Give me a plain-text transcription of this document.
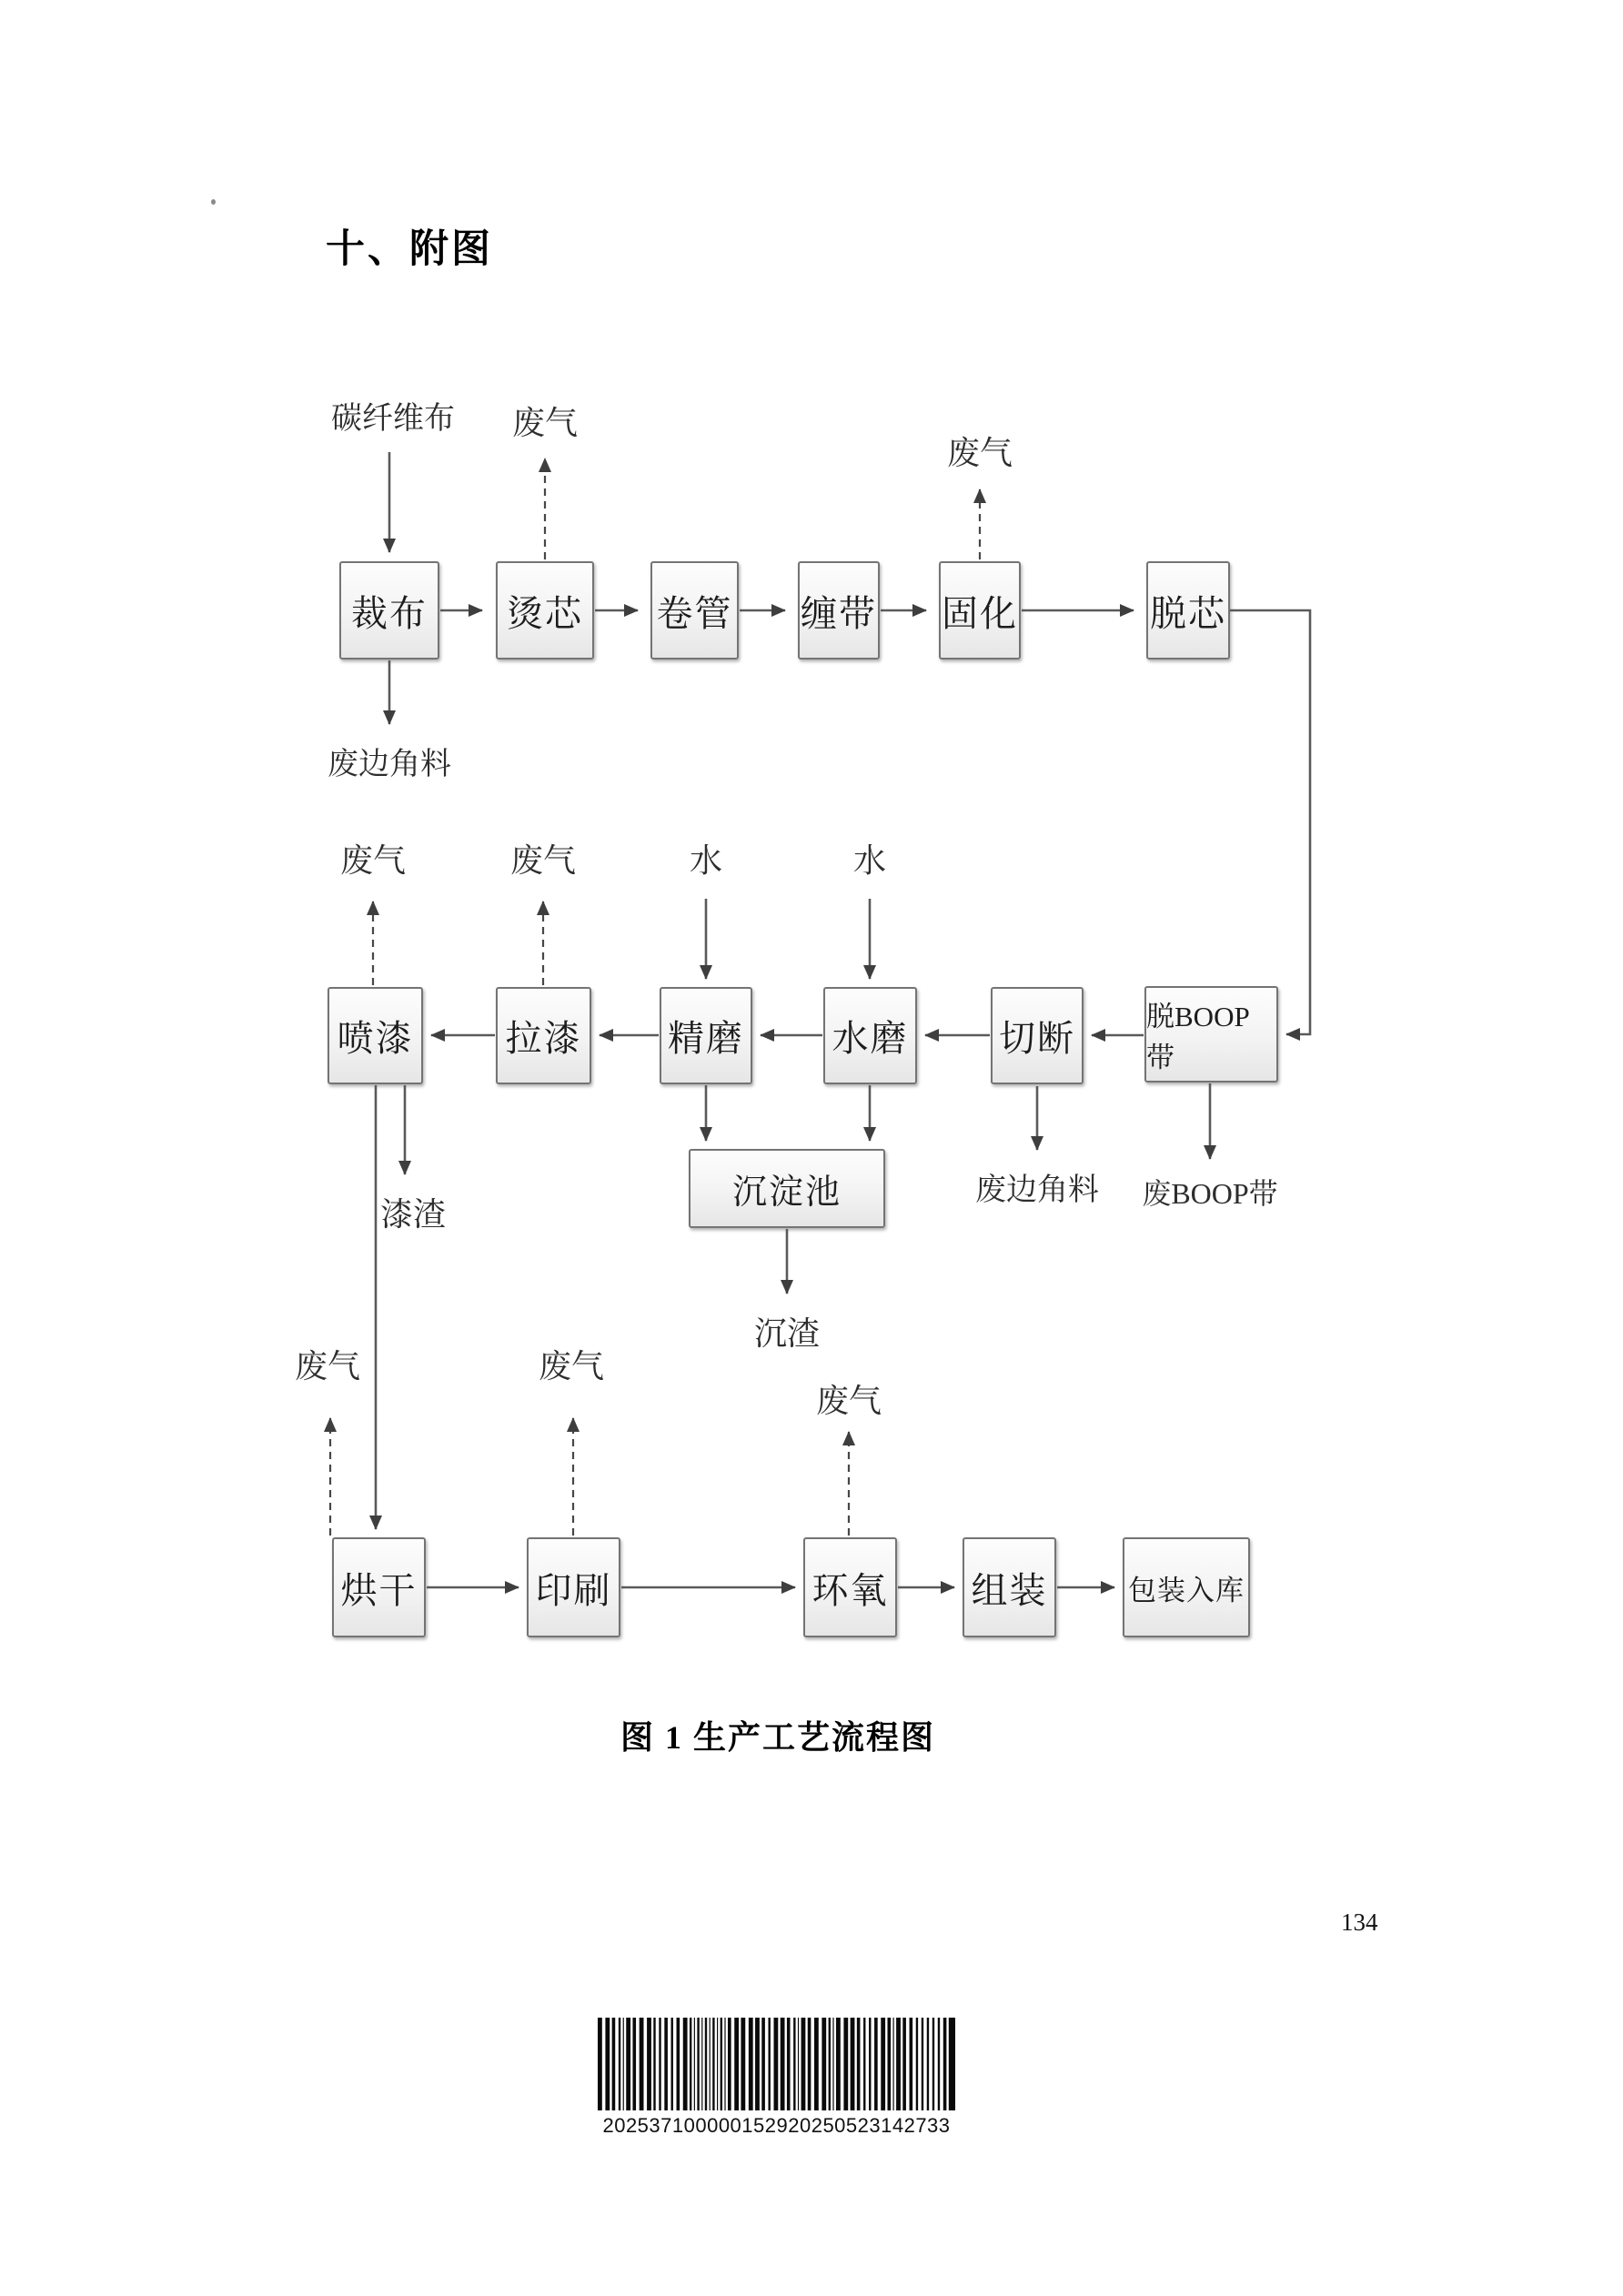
十、附图
裁布	烫芯	卷管 缠带 固化	脱芯
喷漆	拉漆 精磨 水磨 切断
脱BOOP带
沉淀池
烘干	印刷	环氧 组装	包装入库
碳纤维布 废气
废气
废边角料
废气	废气	水	水
废边角料 废BOOP带
漆渣
沉渣
废气	废气
废气
图 1 生产工艺流程图
134
202537100000152920250523142733
